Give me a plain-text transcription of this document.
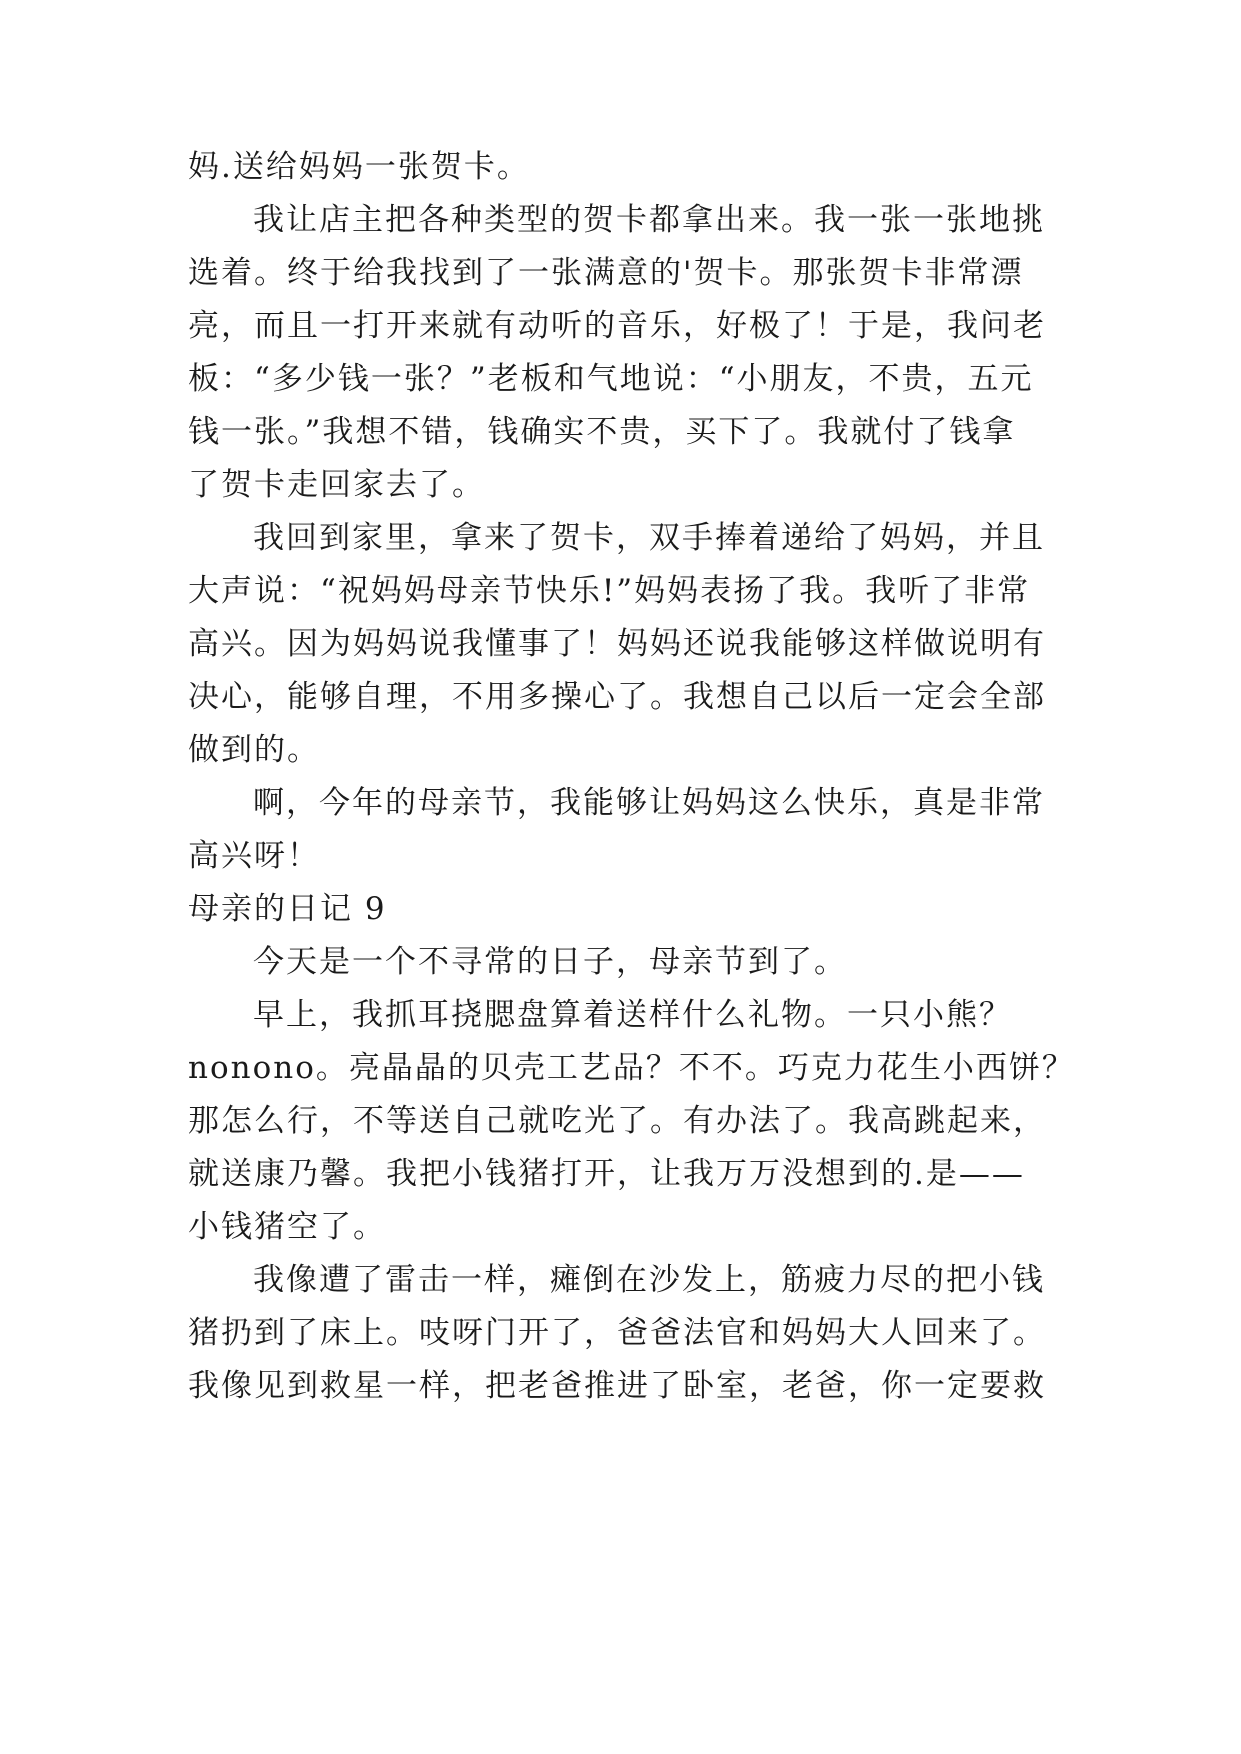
妈.送给妈妈一张贺卡。
我让店主把各种类型的贺卡都拿出来。我一张一张地挑
选着。终于给我找到了一张满意的'贺卡。那张贺卡非常漂
亮，而且一打开来就有动听的音乐，好极了！于是，我问老
板：“多少钱一张？”老板和气地说：“小朋友，不贵，五元
钱一张。”我想不错，钱确实不贵，买下了。我就付了钱拿
了贺卡走回家去了。
我回到家里，拿来了贺卡，双手捧着递给了妈妈，并且
大声说：“祝妈妈母亲节快乐!”妈妈表扬了我。我听了非常
高兴。因为妈妈说我懂事了！妈妈还说我能够这样做说明有
决心，能够自理，不用多操心了。我想自己以后一定会全部
做到的。
啊，今年的母亲节，我能够让妈妈这么快乐，真是非常
高兴呀！
母亲的日记 9
今天是一个不寻常的日子，母亲节到了。
早上，我抓耳挠腮盘算着送样什么礼物。一只小熊？
nonono。亮晶晶的贝壳工艺品？不不。巧克力花生小西饼？
那怎么行，不等送自己就吃光了。有办法了。我高跳起来，
就送康乃馨。我把小钱猪打开，让我万万没想到的.是——
小钱猪空了。
我像遭了雷击一样，瘫倒在沙发上，筋疲力尽的把小钱
猪扔到了床上。吱呀门开了，爸爸法官和妈妈大人回来了。
我像见到救星一样，把老爸推进了卧室，老爸，你一定要救
